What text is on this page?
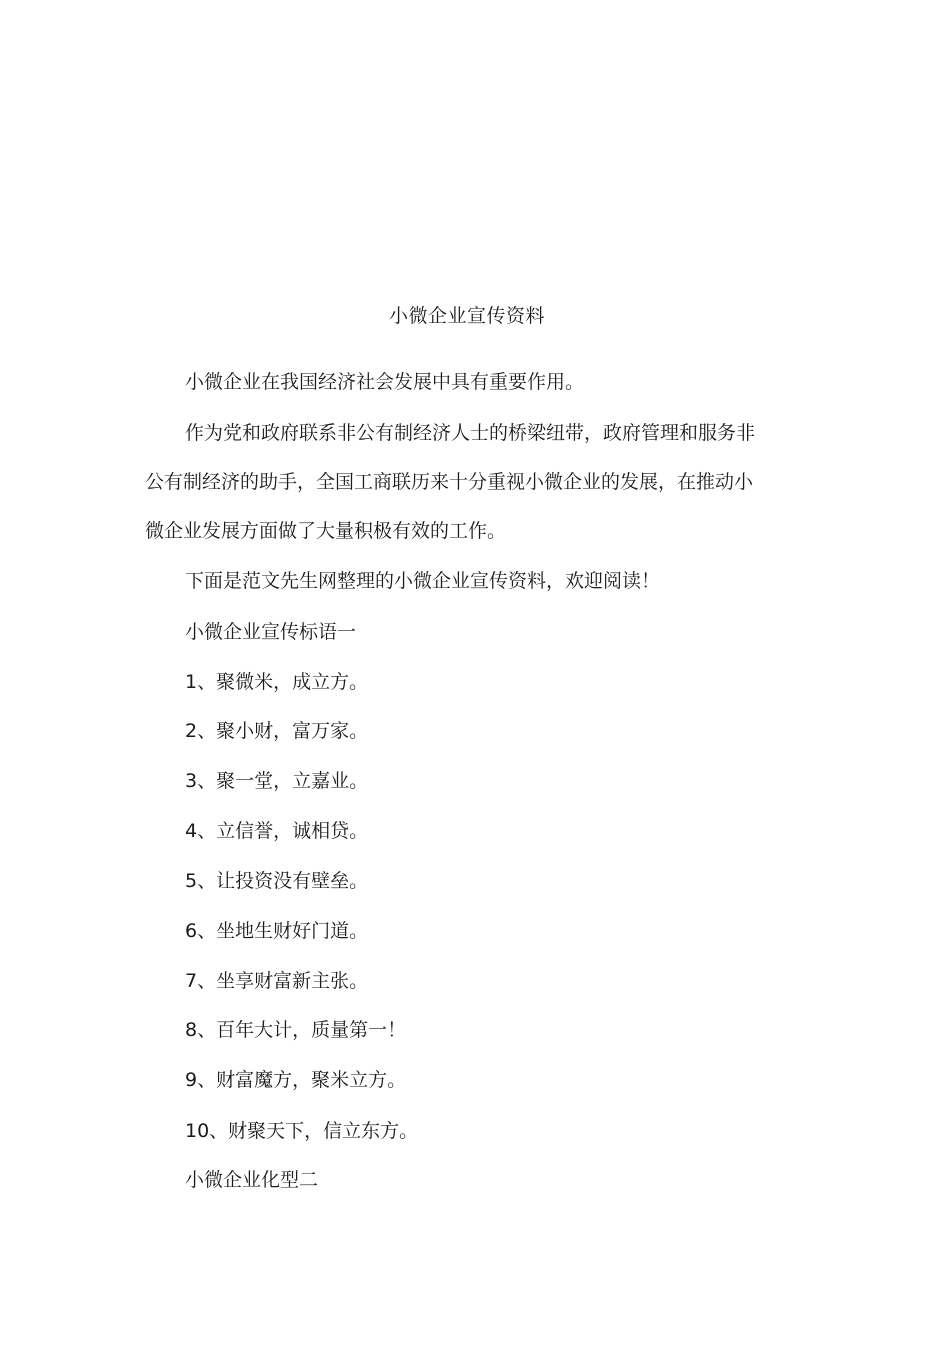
小微企业宣传资料
小微企业在我国经济社会发展中具有重要作用。
作为党和政府联系非公有制经济人士的桥梁纽带，政府管理和服务非
公有制经济的助手，全国工商联历来十分重视小微企业的发展，在推动小
微企业发展方面做了大量积极有效的工作。
下面是范文先生网整理的小微企业宣传资料，欢迎阅读！
小微企业宣传标语一
1、聚微米，成立方。
2、聚小财，富万家。
3、聚一堂，立嘉业。
4、立信誉，诚相贷。
5、让投资没有壁垒。
6、坐地生财好门道。
7、坐享财富新主张。
8、百年大计，质量第一！
9、财富魔方，聚米立方。
10、财聚天下，信立东方。
小微企业化型二
